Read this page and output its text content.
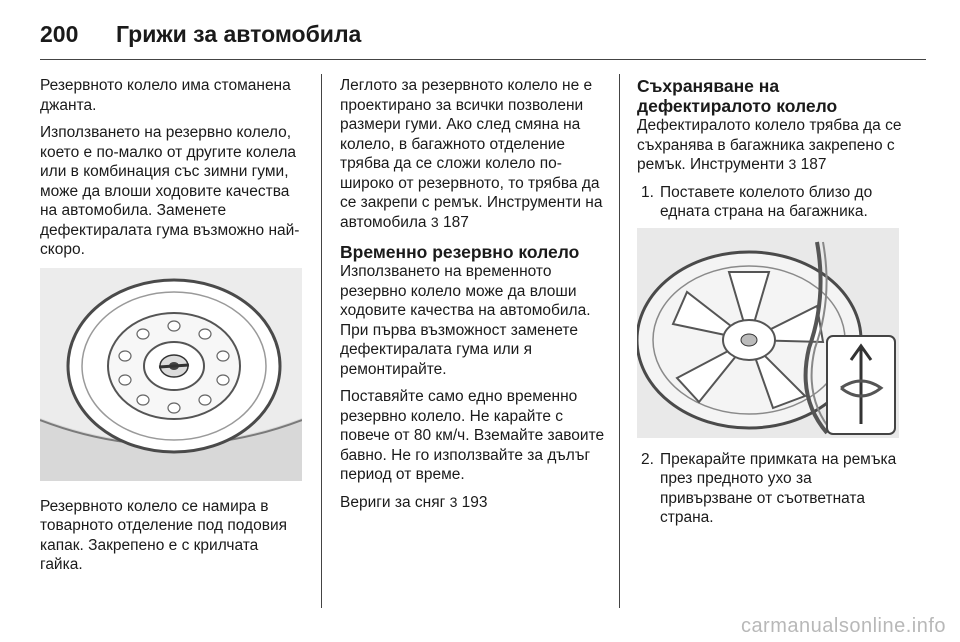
200	Грижи за автомобила

Резервното колело има стоманена джанта.

Използването на резервно колело, което е по-малко от другите колела или в комбинация със зимни гуми, може да влоши ходовите качества на автомобила. Заменете дефектиралата гума възможно най-скоро.

Резервното колело се намира в товарното отделение под подовия капак. Закрепено е с крилчата гайка.

Леглото за резервното колело не е проектирано за всички позволени размери гуми. Ако след смяна на колело, в багажното отделение трябва да се сложи колело по-широко от резервното, то трябва да се закрепи с ремък. Инструменти на автомобила 3 187

Временно резервно колело

Използването на временното резервно колело може да влоши ходовите качества на автомобила. При първа възможност заменете дефектиралата гума или я ремонтирайте.

Поставяйте само едно временно резервно колело. Не карайте с повече от 80 км/ч. Вземайте завоите бавно. Не го използвайте за дълъг период от време.

Вериги за сняг 3 193

Съхраняване на дефектиралото колело

Дефектиралото колело трябва да се съхранява в багажника закрепено с ремък. Инструменти 3 187

1. Поставете колелото близо до едната страна на багажника.
2. Прекарайте примката на ремъка през предното ухо за привързване от съответната страна.
carmanualsonline.info
